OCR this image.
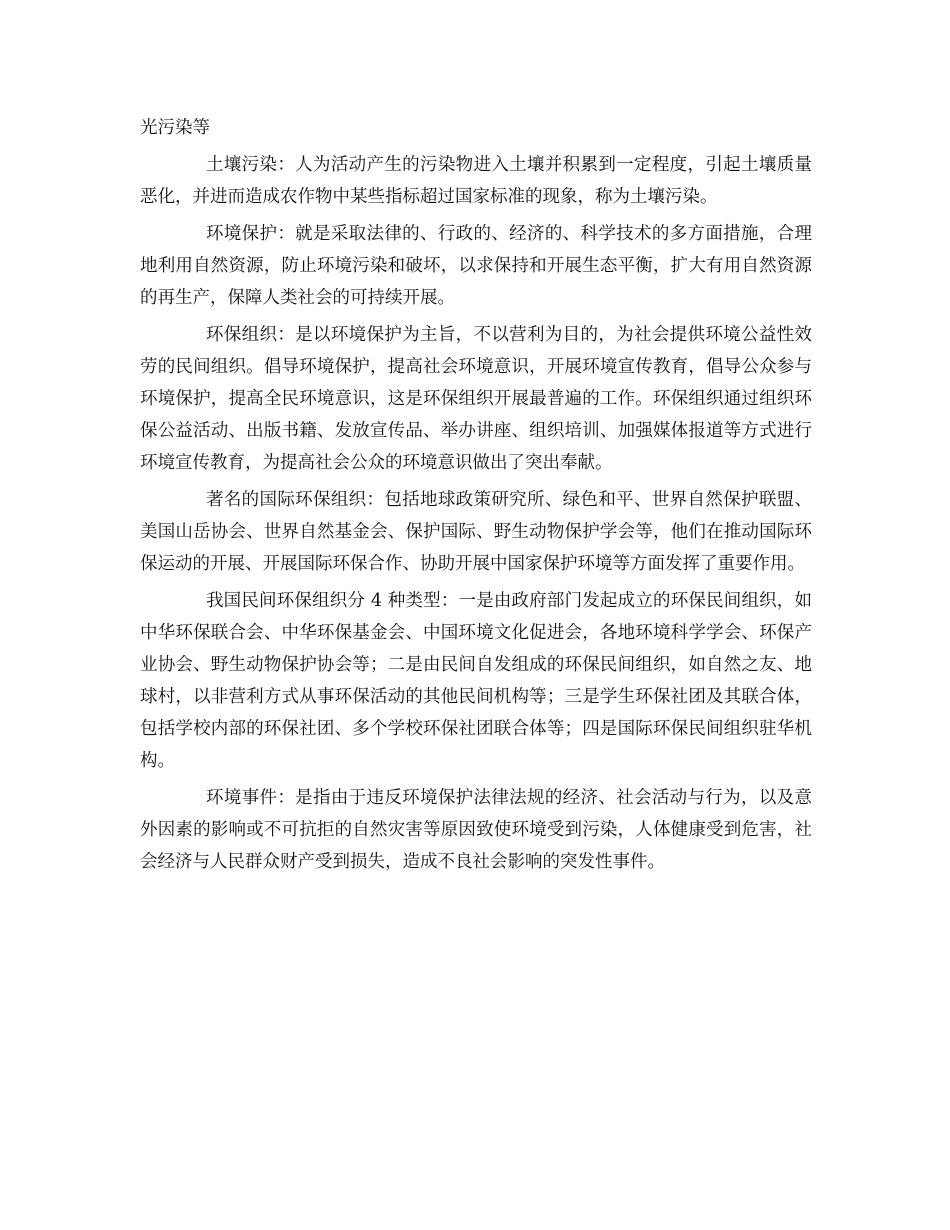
光污染等

土壤污染：人为活动产生的污染物进入土壤并积累到一定程度，引起土壤质量恶化，并进而造成农作物中某些指标超过国家标准的现象，称为土壤污染。

环境保护：就是采取法律的、行政的、经济的、科学技术的多方面措施，合理地利用自然资源，防止环境污染和破坏，以求保持和开展生态平衡，扩大有用自然资源的再生产，保障人类社会的可持续开展。

环保组织：是以环境保护为主旨，不以营利为目的，为社会提供环境公益性效劳的民间组织。倡导环境保护，提高社会环境意识，开展环境宣传教育，倡导公众参与环境保护，提高全民环境意识，这是环保组织开展最普遍的工作。环保组织通过组织环保公益活动、出版书籍、发放宣传品、举办讲座、组织培训、加强媒体报道等方式进行环境宣传教育，为提高社会公众的环境意识做出了突出奉献。

著名的国际环保组织：包括地球政策研究所、绿色和平、世界自然保护联盟、美国山岳协会、世界自然基金会、保护国际、野生动物保护学会等，他们在推动国际环保运动的开展、开展国际环保合作、协助开展中国家保护环境等方面发挥了重要作用。

我国民间环保组织分 4 种类型：一是由政府部门发起成立的环保民间组织，如中华环保联合会、中华环保基金会、中国环境文化促进会，各地环境科学学会、环保产业协会、野生动物保护协会等；二是由民间自发组成的环保民间组织，如自然之友、地球村，以非营利方式从事环保活动的其他民间机构等；三是学生环保社团及其联合体，包括学校内部的环保社团、多个学校环保社团联合体等；四是国际环保民间组织驻华机构。

环境事件：是指由于违反环境保护法律法规的经济、社会活动与行为，以及意外因素的影响或不可抗拒的自然灾害等原因致使环境受到污染，人体健康受到危害，社会经济与人民群众财产受到损失，造成不良社会影响的突发性事件。
